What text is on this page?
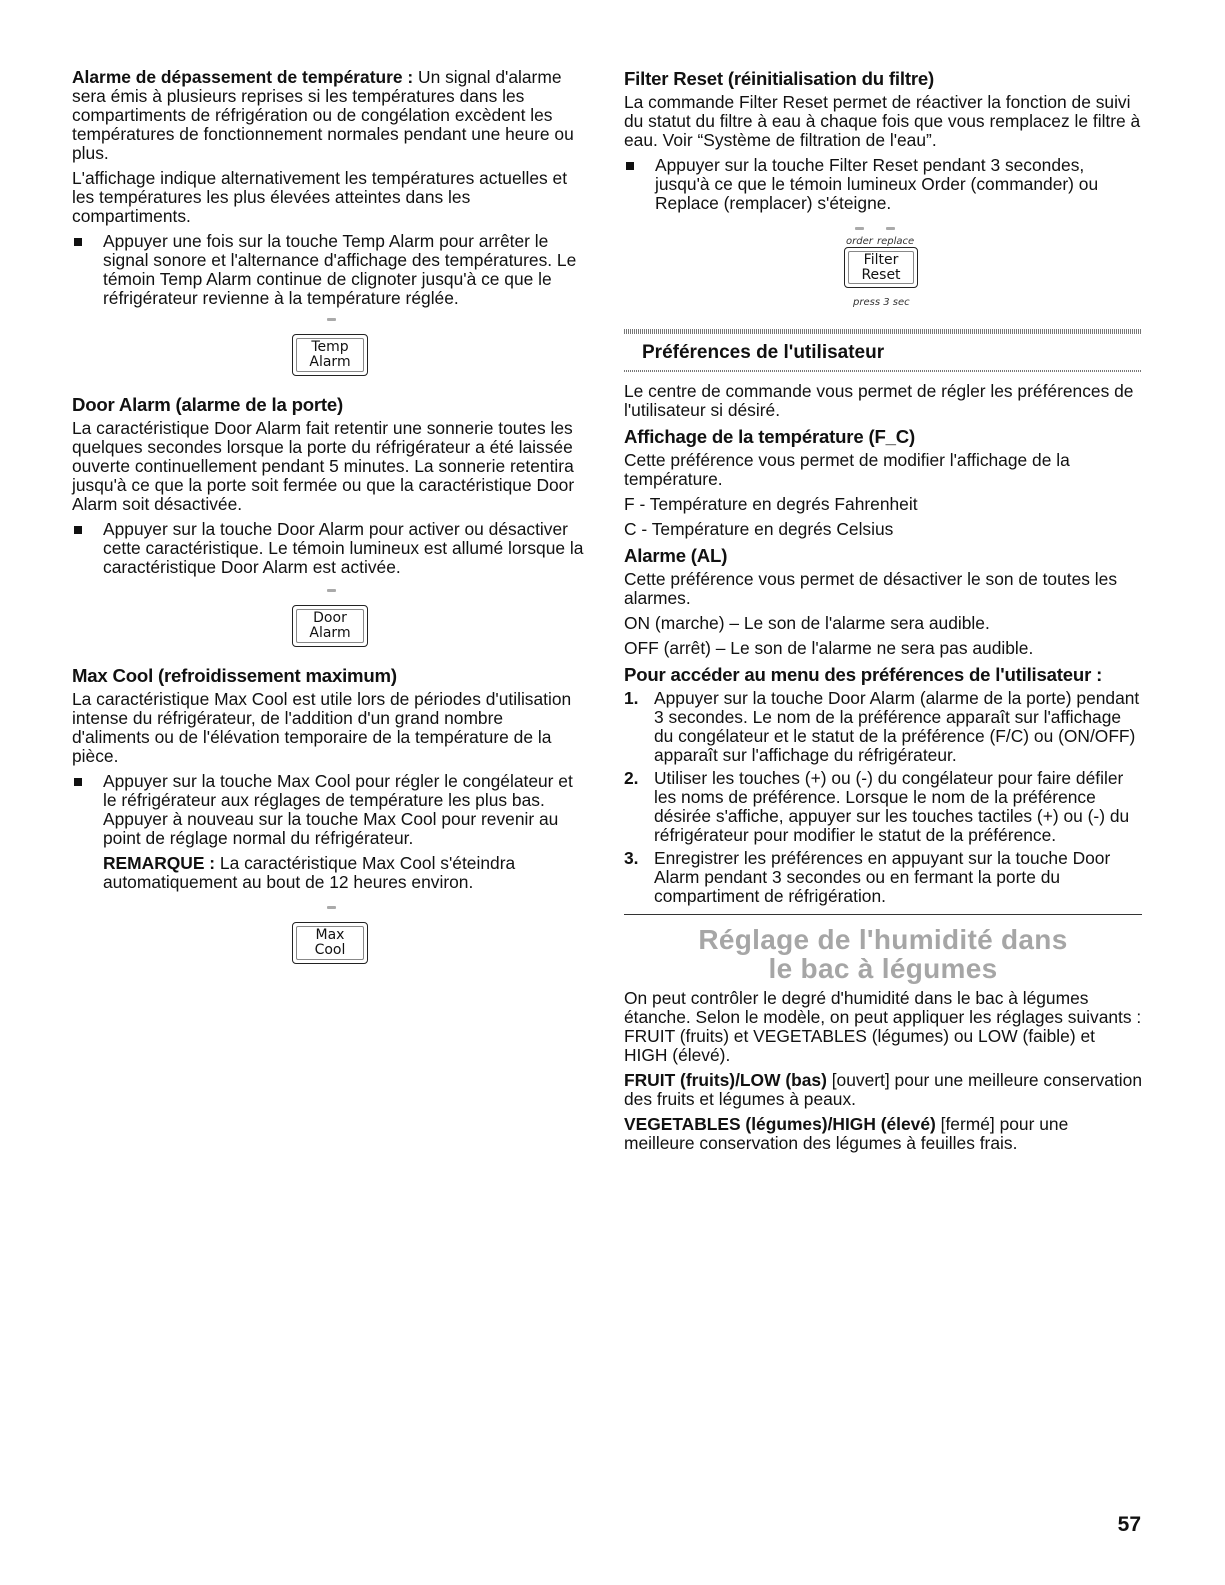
Alarme de dépassement de température : Un signal d'alarme sera émis à plusieurs reprises si les températures dans les compartiments de réfrigération ou de congélation excèdent les températures de fonctionnement normales pendant une heure ou plus.

L'affichage indique alternativement les températures actuelles et les températures les plus élevées atteintes dans les compartiments.

Appuyer une fois sur la touche Temp Alarm pour arrêter le signal sonore et l'alternance d'affichage des températures. Le témoin Temp Alarm continue de clignoter jusqu'à ce que le réfrigérateur revienne à la température réglée.
Temp
Alarm
Door Alarm (alarme de la porte)

La caractéristique Door Alarm fait retentir une sonnerie toutes les quelques secondes lorsque la porte du réfrigérateur a été laissée ouverte continuellement pendant 5 minutes. La sonnerie retentira jusqu'à ce que la porte soit fermée ou que la caractéristique Door Alarm soit désactivée.

Appuyer sur la touche Door Alarm pour activer ou désactiver cette caractéristique. Le témoin lumineux est allumé lorsque la caractéristique Door Alarm est activée.
Door
Alarm
Max Cool (refroidissement maximum)

La caractéristique Max Cool est utile lors de périodes d'utilisation intense du réfrigérateur, de l'addition d'un grand nombre d'aliments ou de l'élévation temporaire de la température de la pièce.

Appuyer sur la touche Max Cool pour régler le congélateur et le réfrigérateur aux réglages de température les plus bas. Appuyer à nouveau sur la touche Max Cool pour revenir au point de réglage normal du réfrigérateur.

REMARQUE : La caractéristique Max Cool s'éteindra automatiquement au bout de 12 heures environ.

Max
Cool
Filter Reset (réinitialisation du filtre)

La commande Filter Reset permet de réactiver la fonction de suivi du statut du filtre à eau à chaque fois que vous remplacez le filtre à eau. Voir “Système de filtration de l'eau”.

Appuyer sur la touche Filter Reset pendant 3 secondes, jusqu'à ce que le témoin lumineux Order (commander) ou Replace (remplacer) s'éteigne.
order replace
Filter
Reset
press 3 sec
Préférences de l'utilisateur

Le centre de commande vous permet de régler les préférences de l'utilisateur si désiré.

Affichage de la température (F_C)

Cette préférence vous permet de modifier l'affichage de la température.

F - Température en degrés Fahrenheit

C - Température en degrés Celsius

Alarme (AL)

Cette préférence vous permet de désactiver le son de toutes les alarmes.

ON (marche) – Le son de l'alarme sera audible.

OFF (arrêt) – Le son de l'alarme ne sera pas audible.

Pour accéder au menu des préférences de l'utilisateur :
1. Appuyer sur la touche Door Alarm (alarme de la porte) pendant 3 secondes. Le nom de la préférence apparaît sur l'affichage du congélateur et le statut de la préférence (F/C) ou (ON/OFF) apparaît sur l'affichage du réfrigérateur.
2. Utiliser les touches (+) ou (-) du congélateur pour faire défiler les noms de préférence. Lorsque le nom de la préférence désirée s'affiche, appuyer sur les touches tactiles (+) ou (-) du réfrigérateur pour modifier le statut de la préférence.
3. Enregistrer les préférences en appuyant sur la touche Door Alarm pendant 3 secondes ou en fermant la porte du compartiment de réfrigération.
Réglage de l'humidité dans
le bac à légumes

On peut contrôler le degré d'humidité dans le bac à légumes étanche. Selon le modèle, on peut appliquer les réglages suivants : FRUIT (fruits) et VEGETABLES (légumes) ou LOW (faible) et HIGH (élevé).

FRUIT (fruits)/LOW (bas) [ouvert] pour une meilleure conservation des fruits et légumes à peaux.

VEGETABLES (légumes)/HIGH (élevé) [fermé] pour une meilleure conservation des légumes à feuilles frais.

57
